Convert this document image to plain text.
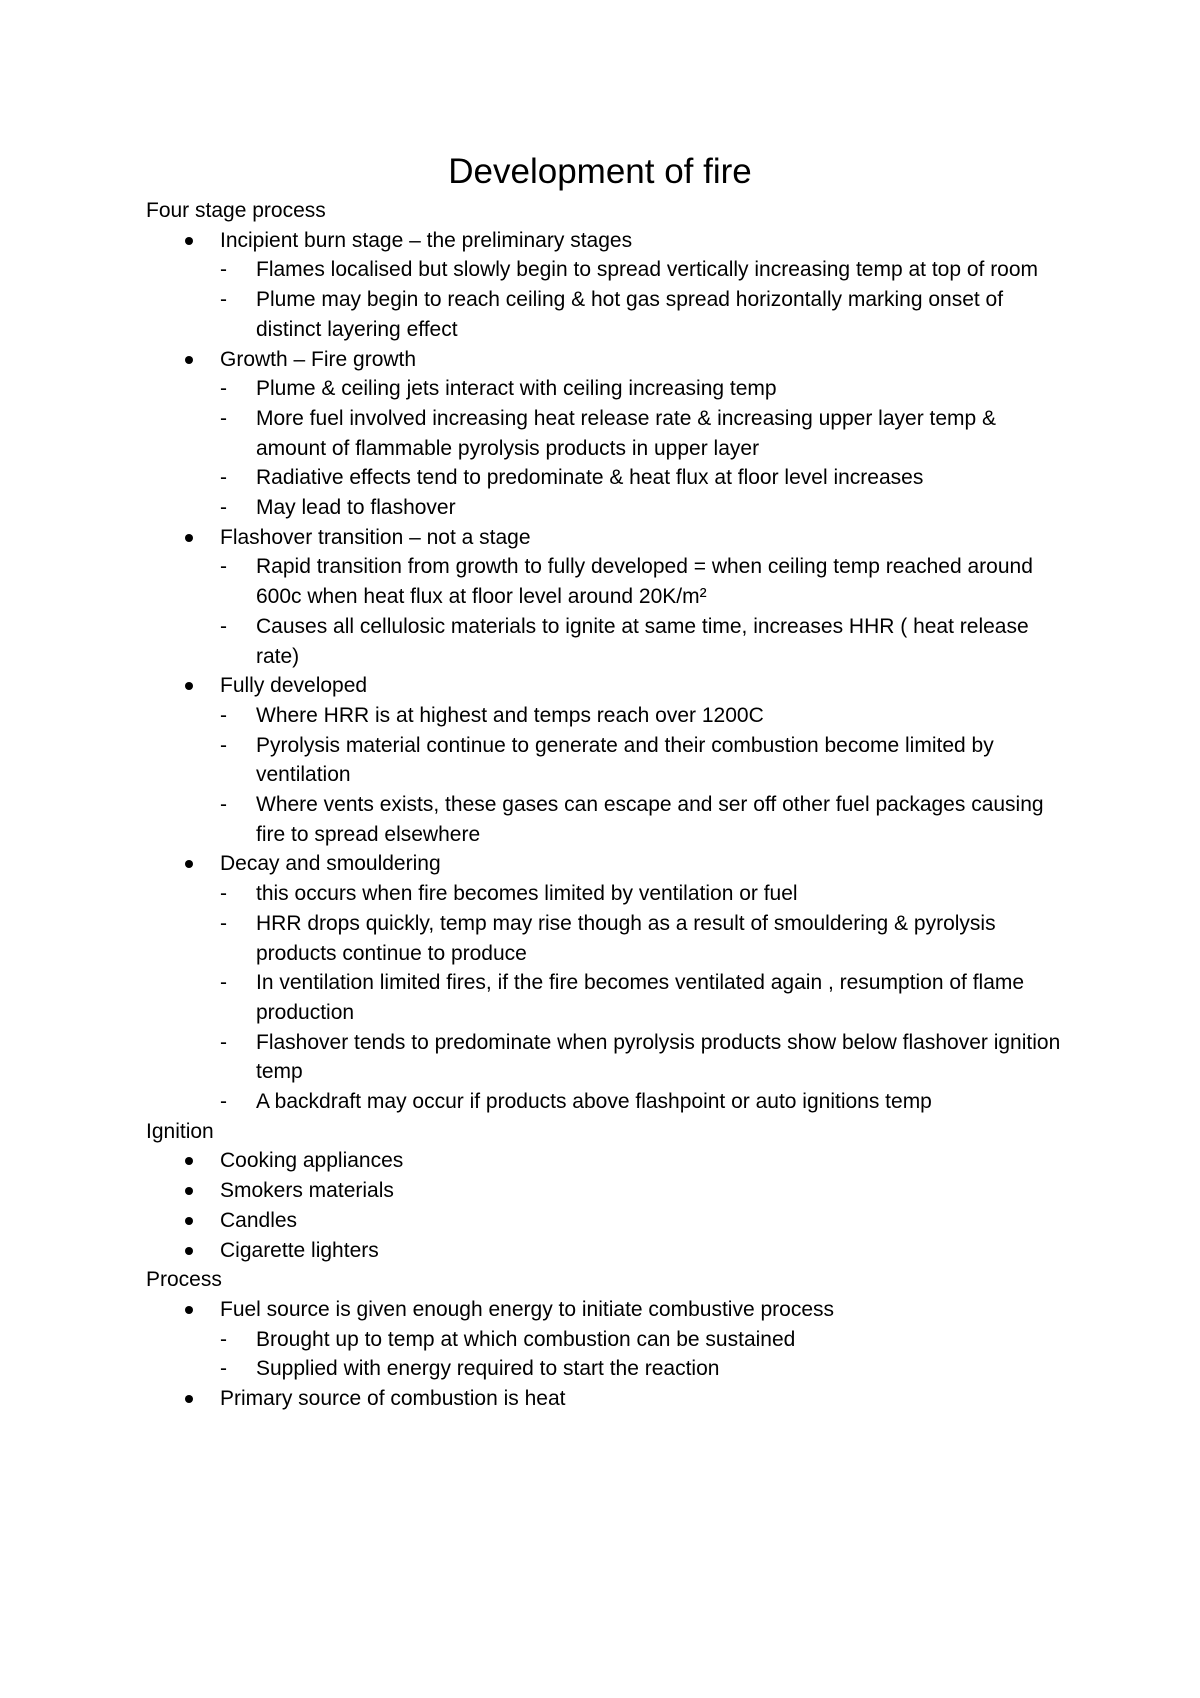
Development of fire
Four stage process
Incipient burn stage – the preliminary stages
- Flames localised but slowly begin to spread vertically increasing temp at top of room
- Plume may begin to reach ceiling & hot gas spread horizontally marking onset of distinct layering effect
Growth – Fire growth
- Plume & ceiling jets interact with ceiling increasing temp
- More fuel involved increasing heat release rate & increasing upper layer temp & amount of flammable pyrolysis products in upper layer
- Radiative effects tend to predominate & heat flux at floor level increases
- May lead to flashover
Flashover transition – not a stage
- Rapid transition from growth to fully developed = when ceiling temp reached around 600c when heat flux at floor level around 20K/m²
- Causes all cellulosic materials to ignite at same time, increases HHR ( heat release rate)
Fully developed
- Where HRR is at highest and temps reach over 1200C
- Pyrolysis material continue to generate and their combustion become limited by ventilation
- Where vents exists, these gases can escape and ser off other fuel packages causing fire to spread elsewhere
Decay and smouldering
- this occurs when fire becomes limited by ventilation or fuel
- HRR drops quickly, temp may rise though as a result of smouldering & pyrolysis products continue to produce
- In ventilation limited fires, if the fire becomes ventilated again , resumption of flame production
- Flashover tends to predominate when pyrolysis products show below flashover ignition temp
- A backdraft may occur if products above flashpoint or auto ignitions temp
Ignition
Cooking appliances
Smokers materials
Candles
Cigarette lighters
Process
Fuel source is given enough energy to initiate combustive process
- Brought up to temp at which combustion can be sustained
- Supplied with energy required to start the reaction
Primary source of combustion is heat
